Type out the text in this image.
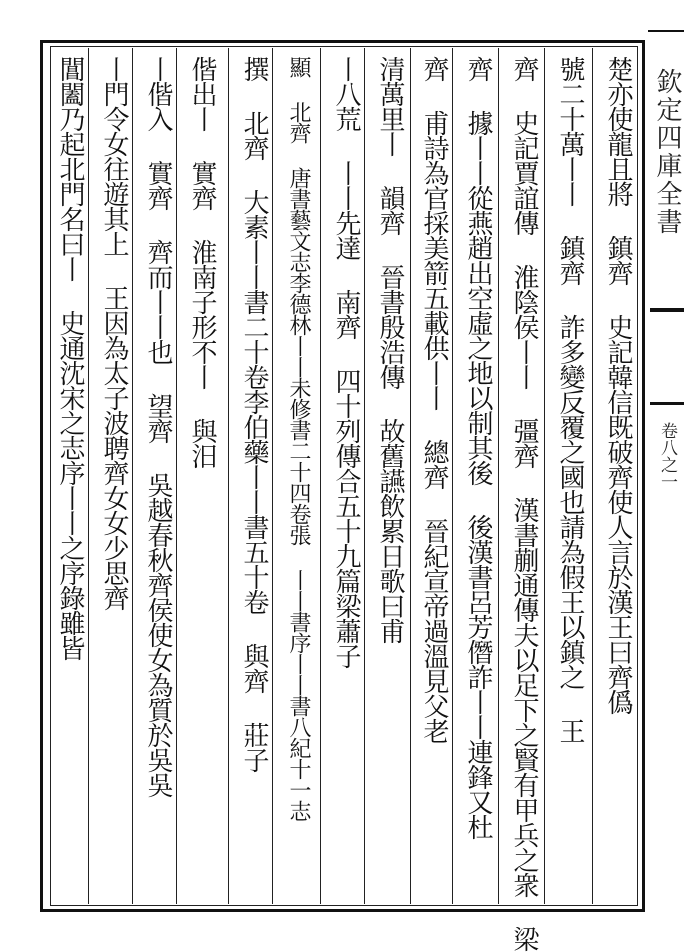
楚亦使龍且將 鎮齊 史記韓信既破齊使人言於漢王曰齊僞
號二十萬丨丨 鎮齊 詐多變反覆之國也請為假王以鎮之 王
齊 史記賈誼傳 淮陰侯丨丨 彊齊 漢書蒯通傳夫以足下之賢有甲兵之衆 梁
齊 據丨丨從燕趙出空虛之地以制其後 後漢書呂芳僭詐丨丨連鋒又杜
齊 甫詩為官採美箭五載供丨丨 總齊 晉紀宣帝過溫見父老
清萬里丨 韻齊 晉書殷浩傳 故舊讌飲累日歌曰甫
丨八荒 丨丨先達 南齊 四十列傳合五十九篇梁蕭子
顯 北齊 唐書藝文志李德林丨丨未修書二十四卷張 丨丨書序丨丨書八紀十一志
撰 北齊 大素丨丨書二十卷李伯藥丨丨書五十卷 與齊 莊子
偕出丨 實齊 淮南子形不丨 與汨
丨偕入 實齊 齊而丨丨也 望齊 吳越春秋齊侯使女為質於吳吳
丨門令女往遊其上 王因為太子波聘齊女女少思齊
閶闔乃起北門名曰丨 史通沈宋之志序丨丨之序錄雖皆	欽定四庫全書
卷八之一
